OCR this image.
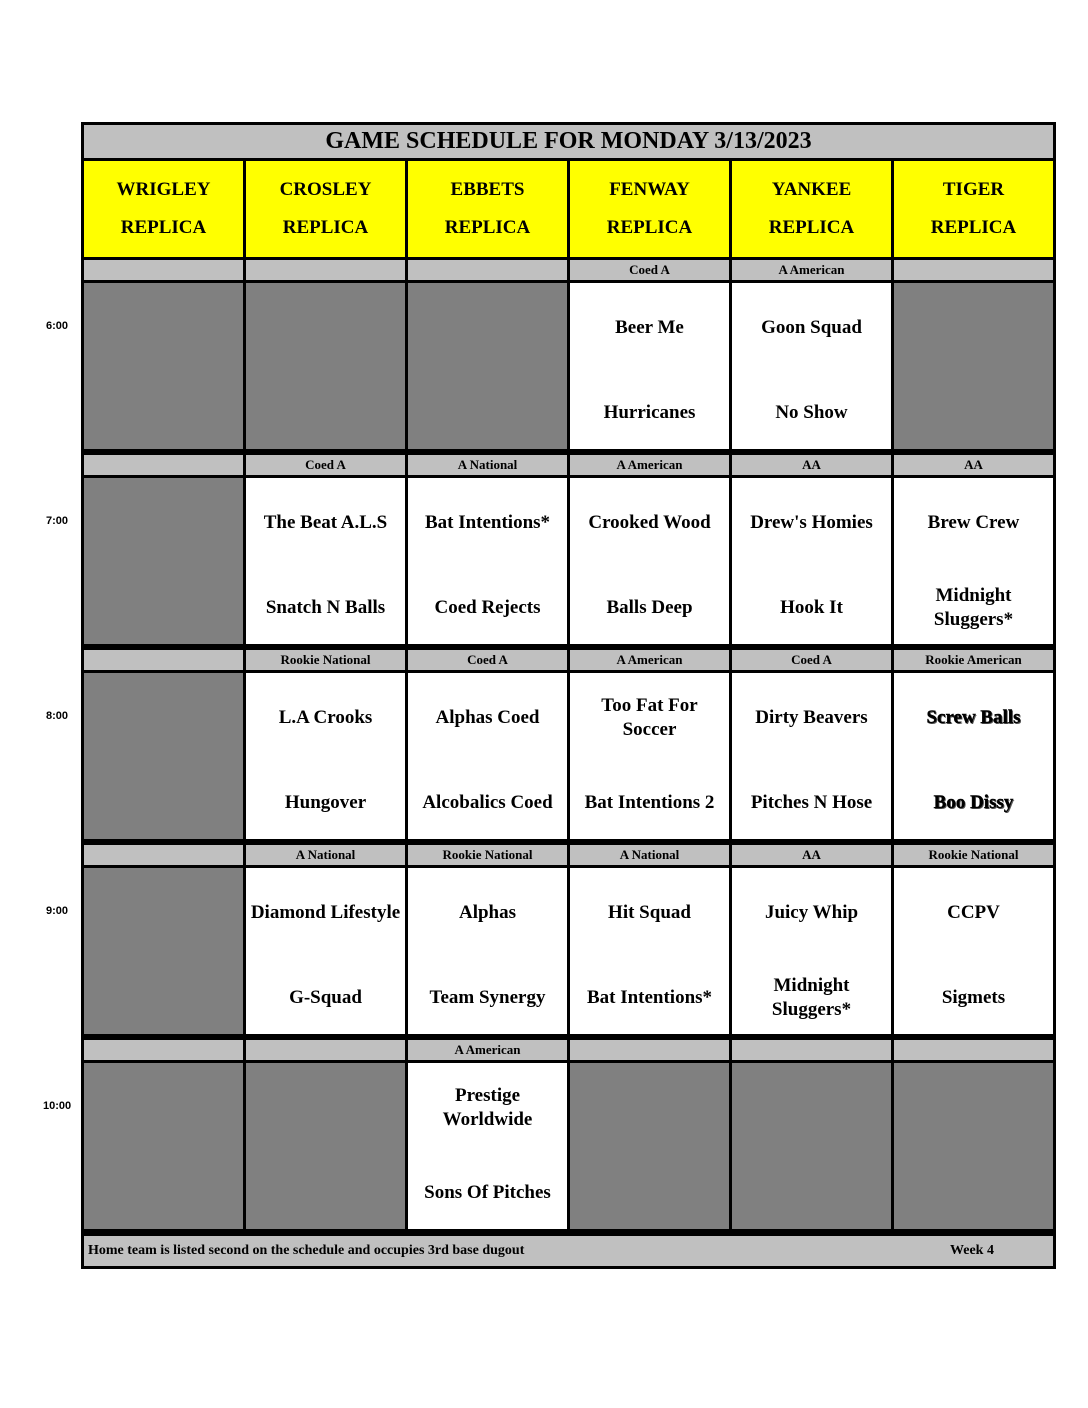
GAME SCHEDULE FOR MONDAY 3/13/2023
WRIGLEY
REPLICA
CROSLEY
REPLICA
EBBETS
REPLICA
FENWAY
REPLICA
YANKEE
REPLICA
TIGER
REPLICA
Coed A
Beer Me
Hurricanes
A American
Goon Squad
No Show
Coed A
The Beat A.L.S
Snatch N Balls
A National
Bat Intentions*
Coed Rejects
A American
Crooked Wood
Balls Deep
AA
Drew's Homies
Hook It
AA
Brew Crew
Midnight Sluggers*
Rookie National
L.A Crooks
Hungover
Coed A
Alphas Coed
Alcobalics Coed
A American
Too Fat For Soccer
Bat Intentions 2
Coed A
Dirty Beavers
Pitches N Hose
Rookie American
Screw Balls
Boo Dissy
A National
Diamond Lifestyle
G-Squad
Rookie National
Alphas
Team Synergy
A National
Hit Squad
Bat Intentions*
AA
Juicy Whip
Midnight Sluggers*
Rookie National
CCPV
Sigmets
A American
Prestige Worldwide
Sons Of Pitches
Home team is listed second on the schedule and occupies 3rd base dugout	Week 4
6:00
7:00
8:00
9:00
10:00
